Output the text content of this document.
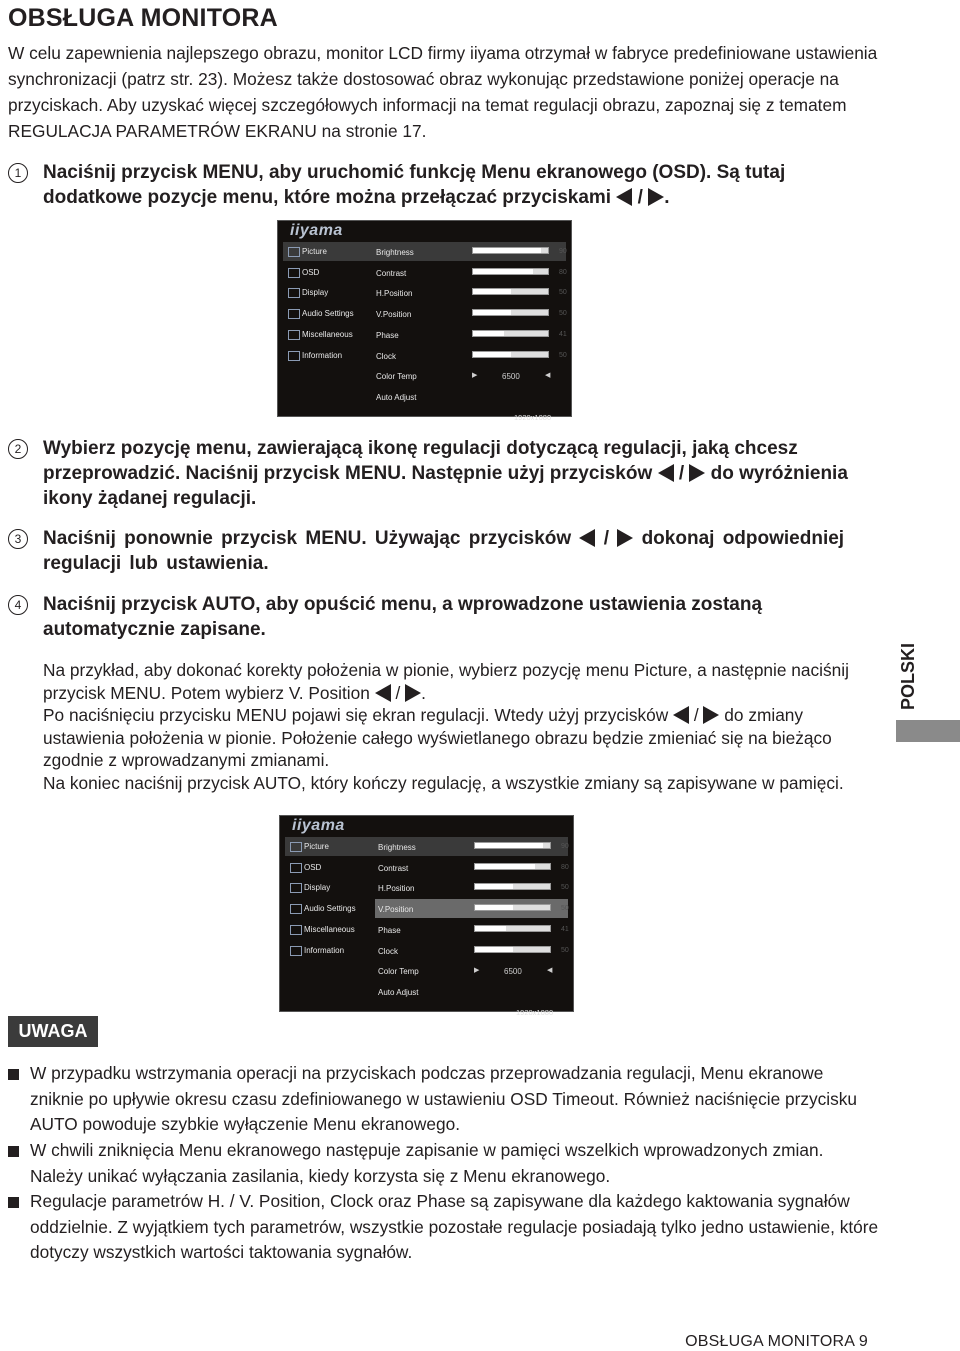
OBSŁUGA MONITORA
W celu zapewnienia najlepszego obrazu, monitor LCD firmy iiyama otrzymał w fabryce predefiniowane ustawienia synchronizacji (patrz str. 23). Możesz także dostosować obraz wykonując przedstawione poniżej operacje na przyciskach. Aby uzyskać więcej szczegółowych informacji na temat regulacji obrazu, zapoznaj się z tematem REGULACJA PARAMETRÓW EKRANU na stronie 17.
1	Naciśnij przycisk MENU, aby uruchomić funkcję Menu ekranowego (OSD). Są tutaj dodatkowe pozycje menu, które można przełączać przyciskami / .
iiyama
Picture
OSD
Display
Audio Settings
Miscellaneous
Information
Brightness	90
Contrast	80
H.Position	50
V.Position	50
Phase	41
Clock	50
Color Temp	▶	6500	◀
Auto Adjust
1920x1080
2	Wybierz pozycję menu, zawierającą ikonę regulacji dotyczącą regulacji, jaką chcesz przeprowadzić. Naciśnij przycisk MENU. Następnie użyj przycisków / do wyróżnienia ikony żądanej regulacji.
3	Naciśnij ponownie przycisk MENU. Używając przycisków / dokonaj odpowiedniej regulacji lub ustawienia.
4	Naciśnij przycisk AUTO, aby opuścić menu, a wprowadzone ustawienia zostaną automatycznie zapisane.
Na przykład, aby dokonać korekty położenia w pionie, wybierz pozycję menu Picture, a następnie naciśnij przycisk MENU. Potem wybierz V. Position / .
Po naciśnięciu przycisku MENU pojawi się ekran regulacji. Wtedy użyj przycisków / do zmiany ustawienia położenia w pionie. Położenie całego wyświetlanego obrazu będzie zmieniać się na bieżąco zgodnie z wprowadzanymi zmianami.
Na koniec naciśnij przycisk AUTO, który kończy regulację, a wszystkie zmiany są zapisywane w pamięci.
iiyama
Picture
OSD
Display
Audio Settings
Miscellaneous
Information
Brightness	90
Contrast	80
H.Position	50
V.Position	50
Phase	41
Clock	50
Color Temp	▶	6500	◀
Auto Adjust
1920x1080
POLSKI
UWAGA
W przypadku wstrzymania operacji na przyciskach podczas przeprowadzania regulacji, Menu ekranowe zniknie po upływie okresu czasu zdefiniowanego w ustawieniu OSD Timeout. Również naciśnięcie przycisku AUTO powoduje szybkie wyłączenie Menu ekranowego.
W chwili zniknięcia Menu ekranowego następuje zapisanie w pamięci wszelkich wprowadzonych zmian. Należy unikać wyłączania zasilania, kiedy korzysta się z Menu ekranowego.
Regulacje parametrów H. / V. Position, Clock oraz Phase są zapisywane dla każdego kaktowania sygnałów oddzielnie. Z wyjątkiem tych parametrów, wszystkie pozostałe regulacje posiadają tylko jedno ustawienie, które dotyczy wszystkich wartości taktowania sygnałów.
OBSŁUGA MONITORA 9
